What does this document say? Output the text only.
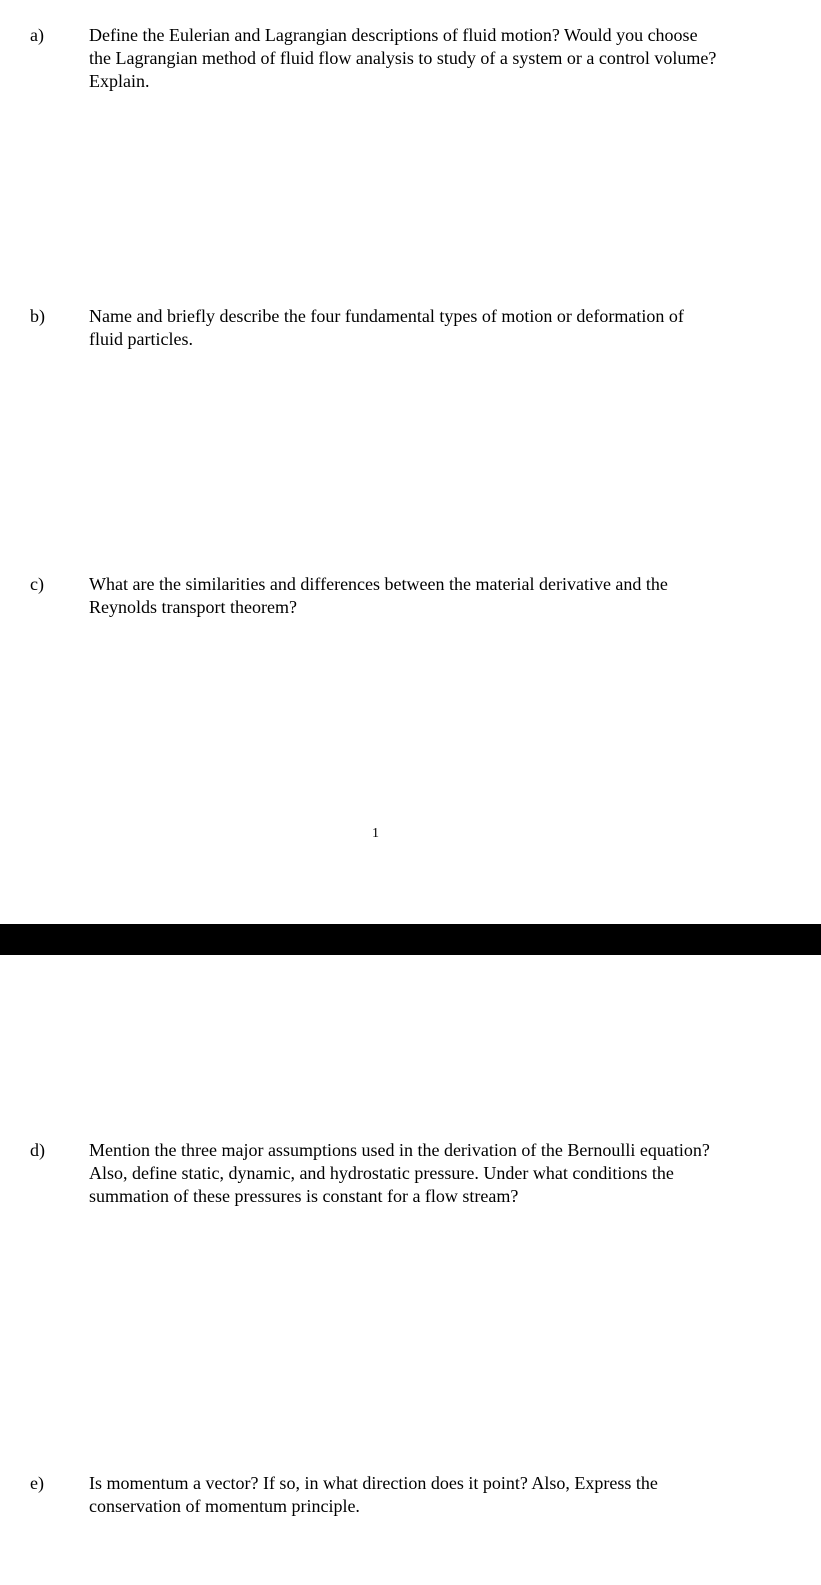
a)	Define the Eulerian and Lagrangian descriptions of fluid motion? Would you choose
the Lagrangian method of fluid flow analysis to study of a system or a control volume?
Explain.

b) Name and briefly describe the four fundamental types of motion or deformation of
fluid particles.

c)	What are the similarities and differences between the material derivative and the
Reynolds transport theorem?

1
d) Mention the three major assumptions used in the derivation of the Bernoulli equation?
Also, define static, dynamic, and hydrostatic pressure. Under what conditions the
summation of these pressures is constant for a flow stream?

e)	Is momentum a vector? If so, in what direction does it point? Also, Express the
conservation of momentum principle.
